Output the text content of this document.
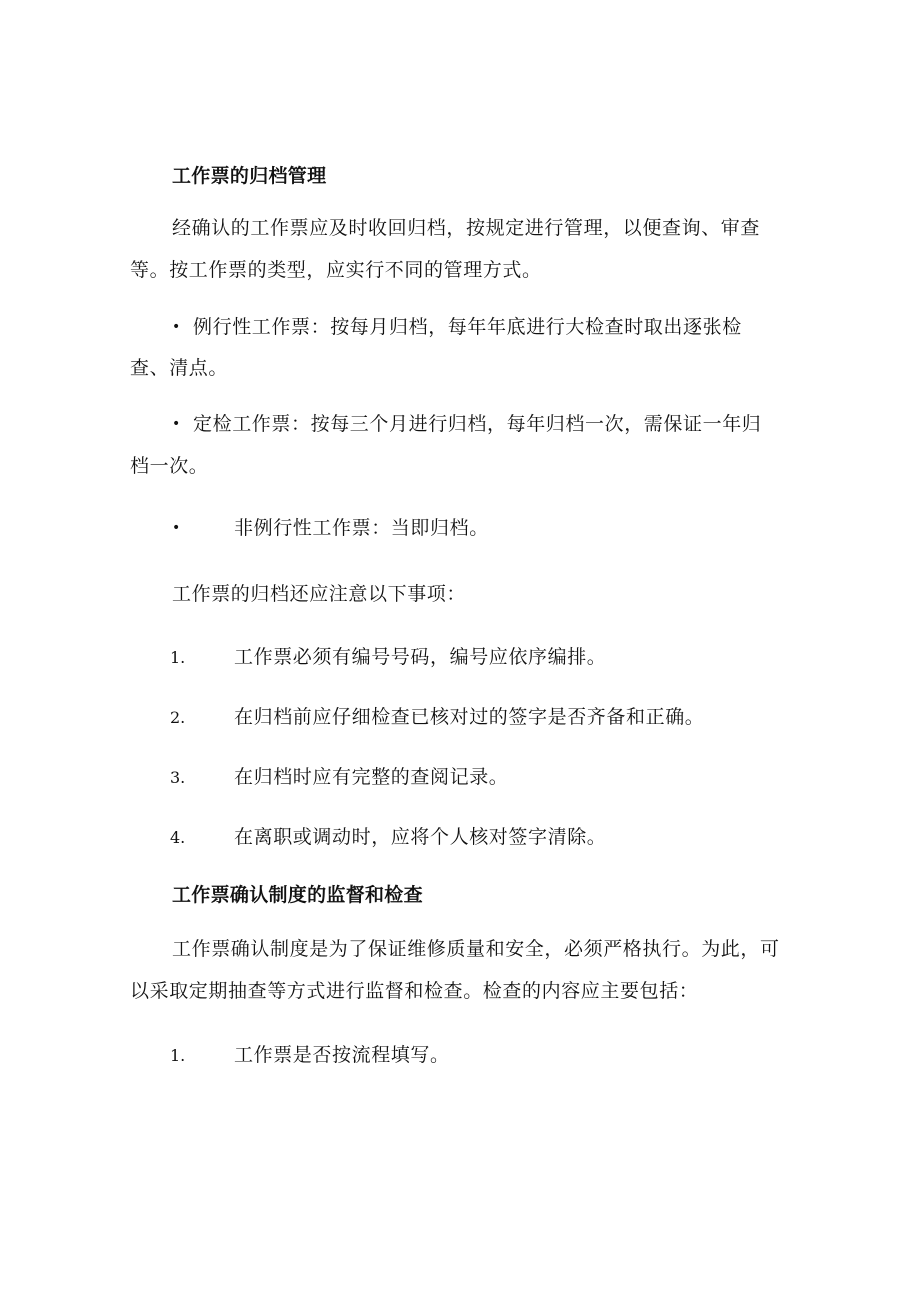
工作票的归档管理
经确认的工作票应及时收回归档，按规定进行管理，以便查询、审查
等。按工作票的类型，应实行不同的管理方式。
• 例行性工作票：按每月归档，每年年底进行大检查时取出逐张检
查、清点。
• 定检工作票：按每三个月进行归档，每年归档一次，需保证一年归
档一次。
•	非例行性工作票：当即归档。
工作票的归档还应注意以下事项：
1.	工作票必须有编号号码，编号应依序编排。
2.	在归档前应仔细检查已核对过的签字是否齐备和正确。
3.	在归档时应有完整的查阅记录。
4.	在离职或调动时，应将个人核对签字清除。
工作票确认制度的监督和检查
工作票确认制度是为了保证维修质量和安全，必须严格执行。为此，可
以采取定期抽查等方式进行监督和检查。检查的内容应主要包括：
1.	工作票是否按流程填写。
